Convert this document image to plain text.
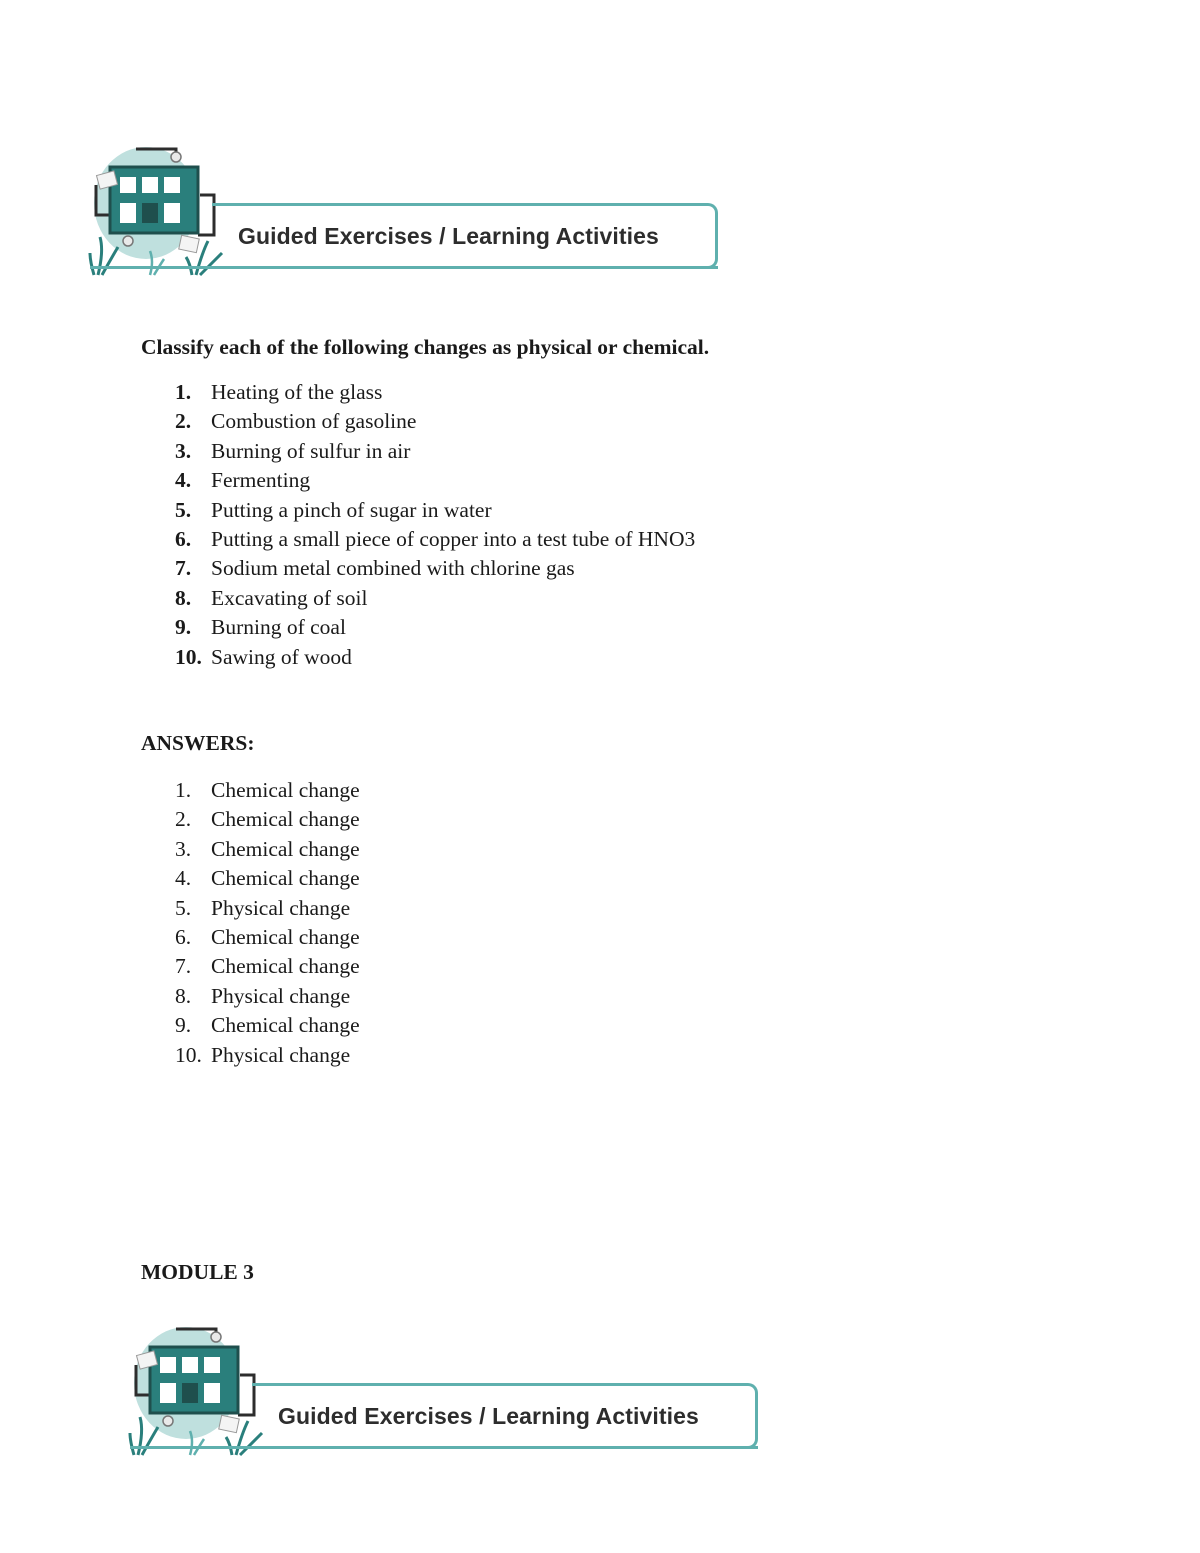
Guided Exercises / Learning Activities
Classify each of the following changes as physical or chemical.
1. Heating of the glass
2. Combustion of gasoline
3. Burning of sulfur in air
4. Fermenting
5. Putting a pinch of sugar in water
6. Putting a small piece of copper into a test tube of HNO3
7. Sodium metal combined with chlorine gas
8. Excavating of soil
9. Burning of coal
10. Sawing of wood
ANSWERS:
1. Chemical change
2. Chemical change
3. Chemical change
4. Chemical change
5. Physical change
6. Chemical change
7. Chemical change
8. Physical change
9. Chemical change
10. Physical change
MODULE 3
Guided Exercises / Learning Activities
